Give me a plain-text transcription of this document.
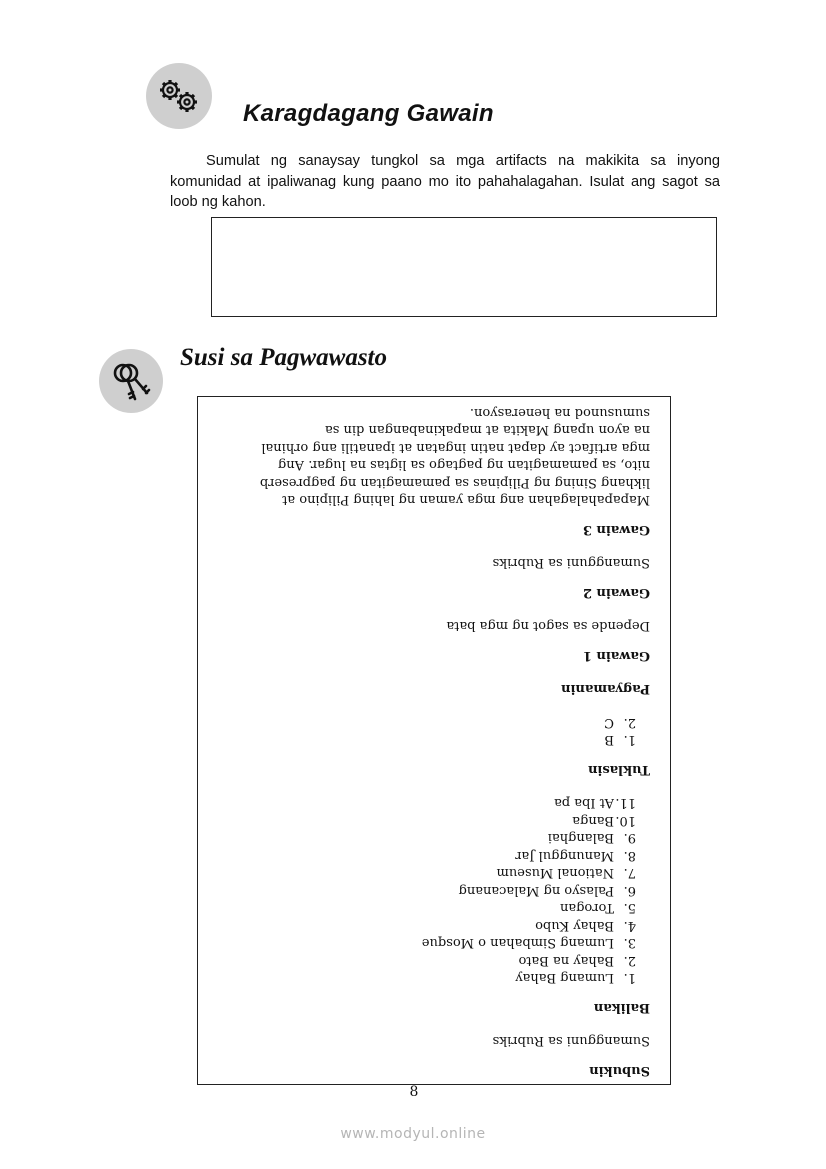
Karagdagang Gawain
Sumulat ng sanaysay tungkol sa mga artifacts na makikita sa inyong komunidad at ipaliwanag kung paano mo ito pahahalagahan. Isulat ang sagot sa loob ng kahon.
Susi sa Pagwawasto
Subukin
Sumangguni sa Rubriks
Balikan
1.Lumang Bahay
2.Bahay na Bato
3.Lumang Simbahan o Mosque
4.Bahay Kubo
5.Torogan
6.Palasyo ng Malacanang
7.National Museum
8.Manunggul Jar
9.Balanghai
10.Banga
11.At Iba pa
Tuklasin
1.B
2.C
Pagyamanin
Gawain 1
Depende sa sagot ng mga bata
Gawain 2
Sumangguni sa Rubriks
Gawain 3
Mapapahalagahan ang mga yaman ng lahing Pilipino at
likhang Sining ng Pilipinas sa pamamagitan ng pagpreserb
nito, sa pamamagitan ng pagtago sa ligtas na lugar. Ang
mga artifact ay dapat natin ingatan at ipanatili ang orhinal
na ayon upang Makita at mapakinabangan din sa
sumusunod na henerasyon.
8
www.modyul.online
